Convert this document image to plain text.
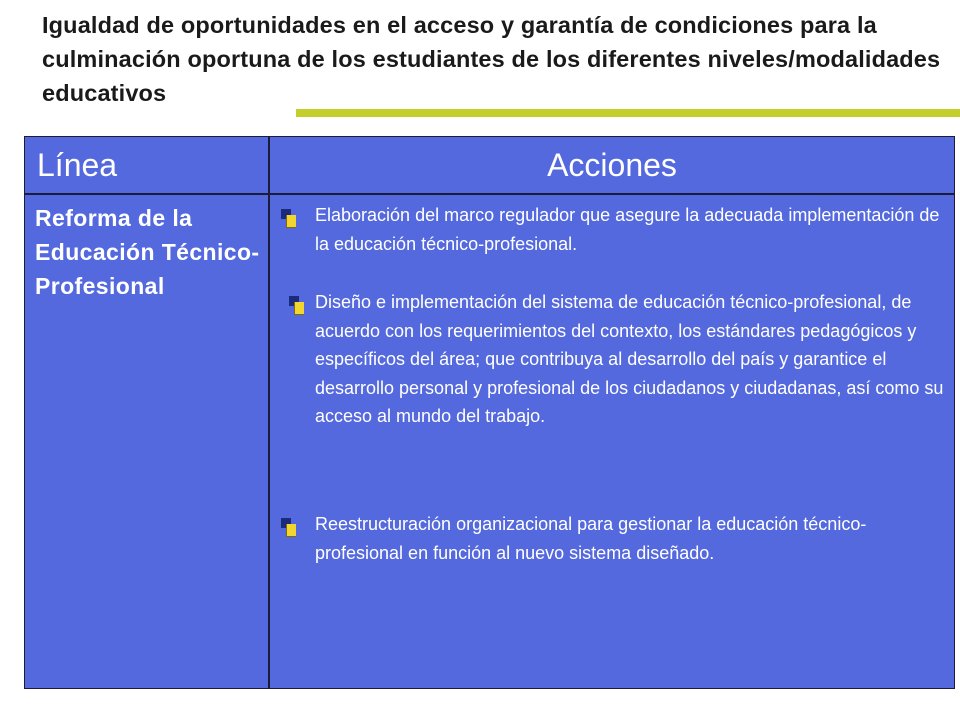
Igualdad de oportunidades en el acceso y garantía de condiciones para la culminación oportuna de los estudiantes de los diferentes niveles/modalidades educativos
Línea	Acciones

Reforma de la Educación Técnico-Profesional

Elaboración del marco regulador que asegure la adecuada implementación de la educación técnico-profesional.

Diseño e implementación del sistema de educación técnico-profesional, de acuerdo con los requerimientos del contexto, los estándares pedagógicos y específicos del área; que contribuya al desarrollo del país y garantice el desarrollo personal y profesional de los ciudadanos y ciudadanas, así como su acceso al mundo del trabajo.

Reestructuración organizacional para gestionar la educación técnico-profesional en función al nuevo sistema diseñado.
